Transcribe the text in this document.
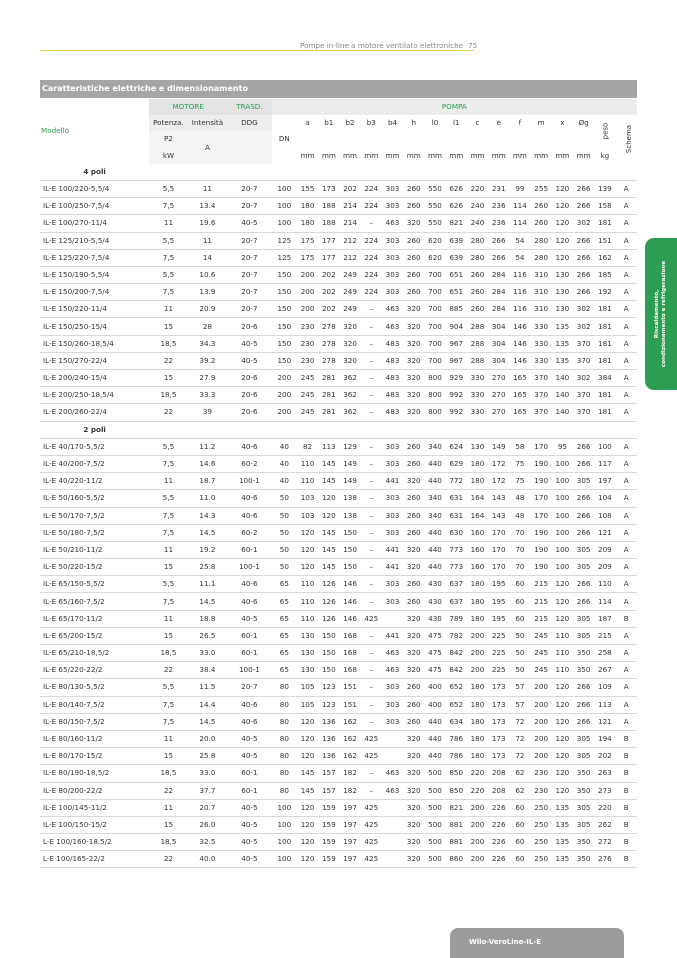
Pompe in-line a motore ventilato elettroniche 75
Caratteristiche elettriche e dimensionamento
Modello	MOTORE		TRASD.	POMPA																
	Potenza.	Intensità	DDG	DN	a	b1	b2	b3	b4	h	l0	l1	c	e	f	m	x	Øg	peso	Schema
	P2	A																		
	kW				mm	mm	mm	mm	mm	mm	mm	mm	mm	mm	mm	mm	mm	mm	kg	
4 poli																				
IL-E 100/220-5,5/4	5,5	11	20-7	100	155	173	202	224	303	260	550	626	220	231	99	255	120	266	139	A
IL-E 100/250-7,5/4	7,5	13.4	20-7	100	180	188	214	224	303	260	550	626	240	236	114	260	120	266	158	A
IL-E 100/270-11/4	11	19.6	40-5	100	180	188	214	–	463	320	550	821	240	236	114	260	120	302	181	A
IL-E 125/210-5,5/4	5,5	11	20-7	125	175	177	212	224	303	260	620	639	280	266	54	280	120	266	151	A
IL-E 125/220-7,5/4	7,5	14	20-7	125	175	177	212	224	303	260	620	639	280	266	54	280	120	266	162	A
IL-E 150/190-5,5/4	5,5	10.6	20-7	150	200	202	249	224	303	260	700	651	260	284	116	310	130	266	185	A
IL-E 150/200-7,5/4	7,5	13.9	20-7	150	200	202	249	224	303	260	700	651	260	284	116	310	130	266	192	A
IL-E 150/220-11/4	11	20.9	20-7	150	200	202	249	–	463	320	700	885	260	284	116	310	130	302	181	A
IL-E 150/250-15/4	15	28	20-6	150	230	278	320	–	463	320	700	904	288	304	146	330	135	302	181	A
IL-E 150/260-18,5/4	18,5	34.3	40-5	150	230	278	320	–	483	320	700	967	288	304	146	330	135	370	181	A
IL-E 150/270-22/4	22	39.2	40-5	150	230	278	320	–	483	320	700	967	288	304	146	330	135	370	181	A
IL-E 200/240-15/4	15	27.9	20-6	200	245	281	362	–	483	320	800	929	330	270	165	370	140	302	384	A
IL-E 200/250-18,5/4	18,5	33.3	20-6	200	245	281	362	–	483	320	800	992	330	270	165	370	140	370	181	A
IL-E 200/260-22/4	22	39	20-6	200	245	281	362	–	483	320	800	992	330	270	165	370	140	370	181	A
2 poli																				
IL-E 40/170-5,5/2	5,5	11.2	40-6	40	82	113	129	–	303	260	340	624	130	149	58	170	95	266	100	A
IL-E 40/200-7,5/2	7,5	14.6	60-2	40	110	145	149	–	303	260	440	629	180	172	75	190	100	266	117	A
IL-E 40/220-11/2	11	18.7	100-1	40	110	145	149	–	441	320	440	772	180	172	75	190	100	305	197	A
IL-E 50/160-5,5/2	5,5	11.0	40-6	50	103	120	138	–	303	260	340	631	164	143	48	170	100	266	104	A
IL-E 50/170-7,5/2	7,5	14.3	40-6	50	103	120	138	–	303	260	340	631	164	143	48	170	100	266	108	A
IL-E 50/180-7,5/2	7,5	14.5	60-2	50	120	145	150	–	303	260	440	630	160	170	70	190	100	266	121	A
IL-E 50/210-11/2	11	19.2	60-1	50	120	145	150	–	441	320	440	773	160	170	70	190	100	305	209	A
IL-E 50/220-15/2	15	25.8	100-1	50	120	145	150	–	441	320	440	773	160	170	70	190	100	305	209	A
IL-E 65/150-5,5/2	5,5	11.1	40-6	65	110	126	146	–	303	260	430	637	180	195	60	215	120	266	110	A
IL-E 65/160-7,5/2	7,5	14.5	40-6	65	110	126	146	–	303	260	430	637	180	195	60	215	120	266	114	A
IL-E 65/170-11/2	11	18.8	40-5	65	110	126	146	425		320	430	789	180	195	60	215	120	305	187	B
IL-E 65/200-15/2	15	26.5	60-1	65	130	150	168	–	441	320	475	782	200	225	50	245	110	305	215	A
IL-E 65/210-18,5/2	18,5	33.0	60-1	65	130	150	168	–	463	320	475	842	200	225	50	245	110	350	258	A
IL-E 65/220-22/2	22	38.4	100-1	65	130	150	168	–	463	320	475	842	200	225	50	245	110	350	267	A
IL-E 80/130-5,5/2	5,5	11.5	20-7	80	105	123	151	–	303	260	400	652	180	173	57	200	120	266	109	A
IL-E 80/140-7,5/2	7,5	14.4	40-6	80	105	123	151	–	303	260	400	652	180	173	57	200	120	266	113	A
IL-E 80/150-7,5/2	7,5	14.5	40-6	80	120	136	162	–	303	260	440	634	180	173	72	200	120	266	121	A
IL-E 80/160-11/2	11	20.0	40-5	80	120	136	162	425		320	440	786	180	173	72	200	120	305	194	B
IL-E 80/170-15/2	15	25.8	40-5	80	120	136	162	425		320	440	786	180	173	72	200	120	305	202	B
IL-E 80/190-18,5/2	18,5	33.0	60-1	80	145	157	182	–	463	320	500	850	220	208	62	230	120	350	263	B
IL-E 80/200-22/2	22	37.7	60-1	80	145	157	182	–	463	320	500	850	220	208	62	230	120	350	273	B
IL-E 100/145-11/2	11	20.7	40-5	100	120	159	197	425		320	500	821	200	226	60	250	135	305	220	B
IL-E 100/150-15/2	15	26.0	40-5	100	120	159	197	425		320	500	881	200	226	60	250	135	305	262	B
L-E 100/160-18.5/2	18,5	32.5	40-5	100	120	159	197	425		320	500	881	200	226	60	250	135	350	272	B
L-E 100/165-22/2	22	40.0	40-5	100	120	159	197	425		320	500	860	200	226	60	250	135	350	276	B
Riscaldamento,
condizionamento e refrigerazione
Wilo-VeroLine-IL-E
